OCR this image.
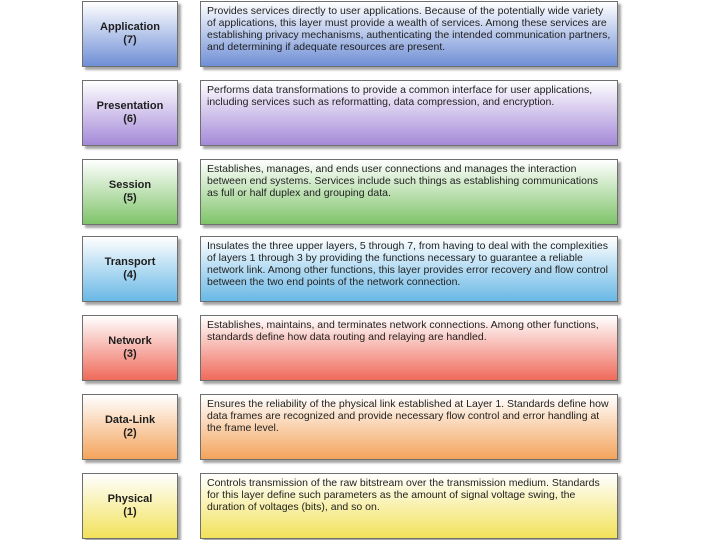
Application
(7)
Provides services directly to user applications. Because of the potentially wide variety of applications, this layer must provide a wealth of services. Among these services are establishing privacy mechanisms, authenticating the intended communication partners, and determining if adequate resources are present.
Presentation
(6)
Performs data transformations to provide a common interface for user applications, including services such as reformatting, data compression, and encryption.
Session
(5)
Establishes, manages, and ends user connections and manages the interaction between end systems. Services include such things as establishing communications as full or half duplex and grouping data.
Transport
(4)
Insulates the three upper layers, 5 through 7, from having to deal with the complexities of layers 1 through 3 by providing the functions necessary to guarantee a reliable network link. Among other functions, this layer provides error recovery and flow control between the two end points of the network connection.
Network
(3)
Establishes, maintains, and terminates network connections. Among other functions, standards define how data routing and relaying are handled.
Data-Link
(2)
Ensures the reliability of the physical link established at Layer 1. Standards define how data frames are recognized and provide necessary flow control and error handling at the frame level.
Physical
(1)
Controls transmission of the raw bitstream over the transmission medium. Standards for this layer define such parameters as the amount of signal voltage swing, the duration of voltages (bits), and so on.
